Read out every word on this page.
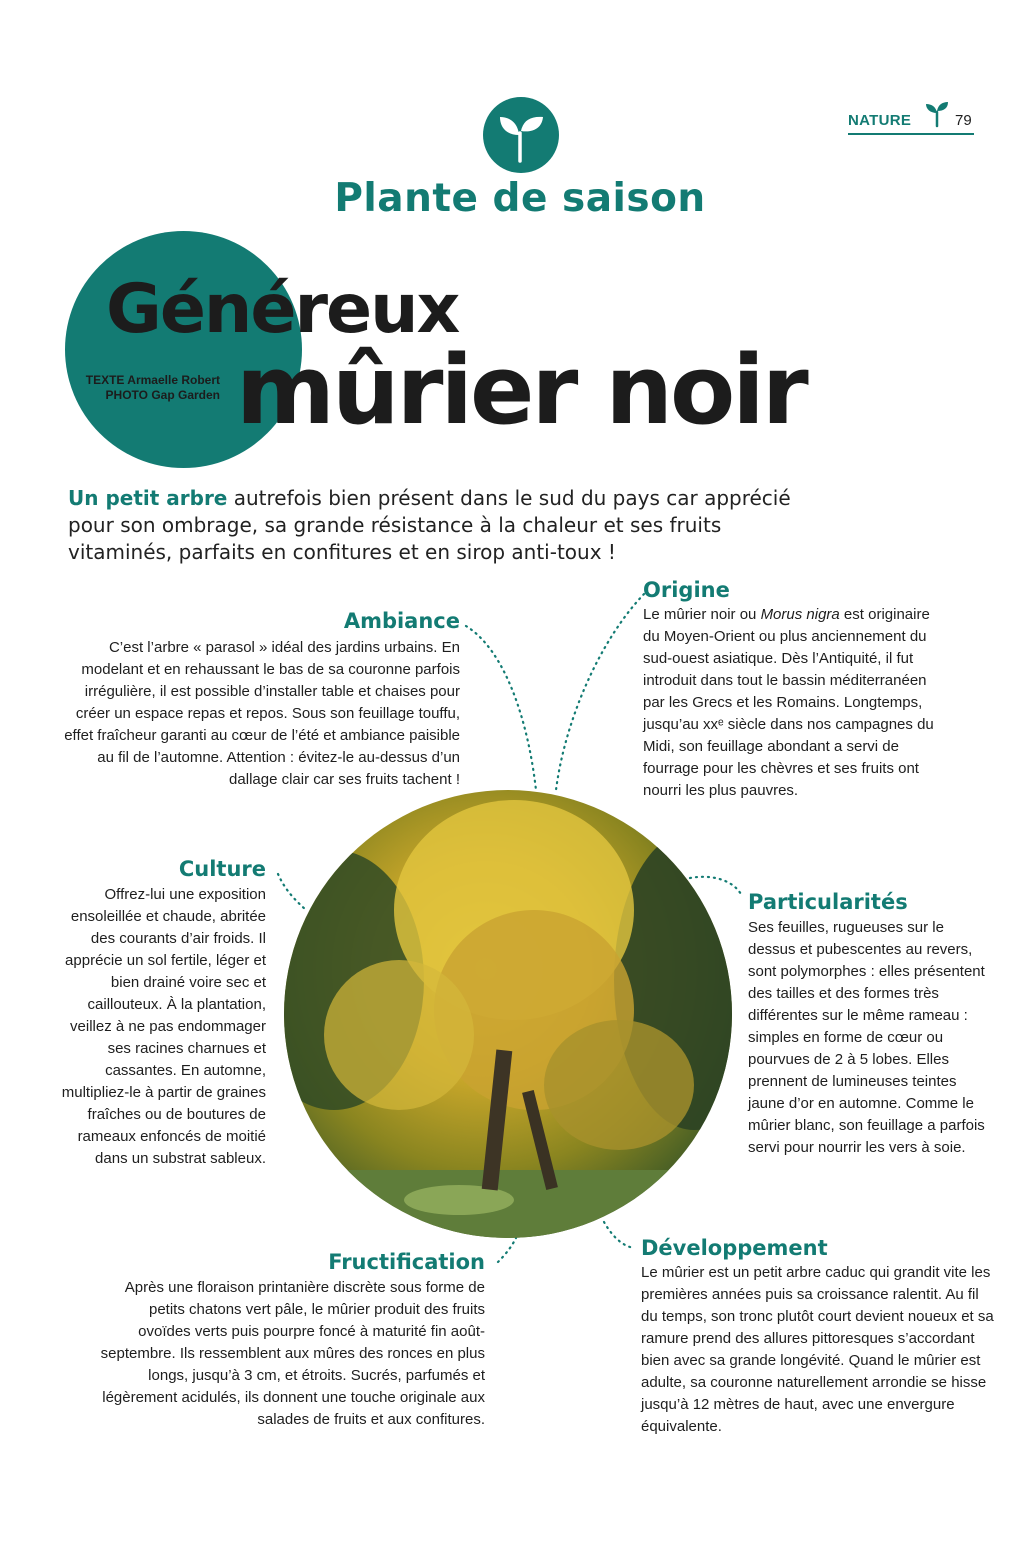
NATURE	79
Plante de saison
Généreux
mûrier noir
TEXTE Armaelle Robert
PHOTO Gap Garden
Un petit arbre autrefois bien présent dans le sud du pays car apprécié pour son ombrage, sa grande résistance à la chaleur et ses fruits vitaminés, parfaits en confitures et en sirop anti-toux !
Ambiance
C’est l’arbre « parasol » idéal des jardins urbains. En modelant et en rehaussant le bas de sa couronne parfois irrégulière, il est possible d’installer table et chaises pour créer un espace repas et repos. Sous son feuillage touffu, effet fraîcheur garanti au cœur de l’été et ambiance paisible au fil de l’automne. Attention : évitez-le au-dessus d’un dallage clair car ses fruits tachent !
Origine
Le mûrier noir ou Morus nigra est originaire du Moyen-Orient ou plus anciennement du sud-ouest asiatique. Dès l’Antiquité, il fut introduit dans tout le bassin méditerranéen par les Grecs et les Romains. Longtemps, jusqu’au xxᵉ siècle dans nos campagnes du Midi, son feuillage abondant a servi de fourrage pour les chèvres et ses fruits ont nourri les plus pauvres.
Culture
Offrez-lui une exposition ensoleillée et chaude, abritée des courants d’air froids. Il apprécie un sol fertile, léger et bien drainé voire sec et caillouteux. À la plantation, veillez à ne pas endommager ses racines charnues et cassantes. En automne, multipliez-le à partir de graines fraîches ou de boutures de rameaux enfoncés de moitié dans un substrat sableux.
Particularités
Ses feuilles, rugueuses sur le dessus et pubescentes au revers, sont polymorphes : elles présentent des tailles et des formes très différentes sur le même rameau : simples en forme de cœur ou pourvues de 2 à 5 lobes. Elles prennent de lumineuses teintes jaune d’or en automne. Comme le mûrier blanc, son feuillage a parfois servi pour nourrir les vers à soie.
Fructification
Après une floraison printanière discrète sous forme de petits chatons vert pâle, le mûrier produit des fruits ovoïdes verts puis pourpre foncé à maturité fin août-septembre. Ils ressemblent aux mûres des ronces en plus longs, jusqu’à 3 cm, et étroits. Sucrés, parfumés et légèrement acidulés, ils donnent une touche originale aux salades de fruits et aux confitures.
Développement
Le mûrier est un petit arbre caduc qui grandit vite les premières années puis sa croissance ralentit. Au fil du temps, son tronc plutôt court devient noueux et sa ramure prend des allures pittoresques s’accordant bien avec sa grande longévité. Quand le mûrier est adulte, sa couronne naturellement arrondie se hisse jusqu’à 12 mètres de haut, avec une envergure équivalente.
